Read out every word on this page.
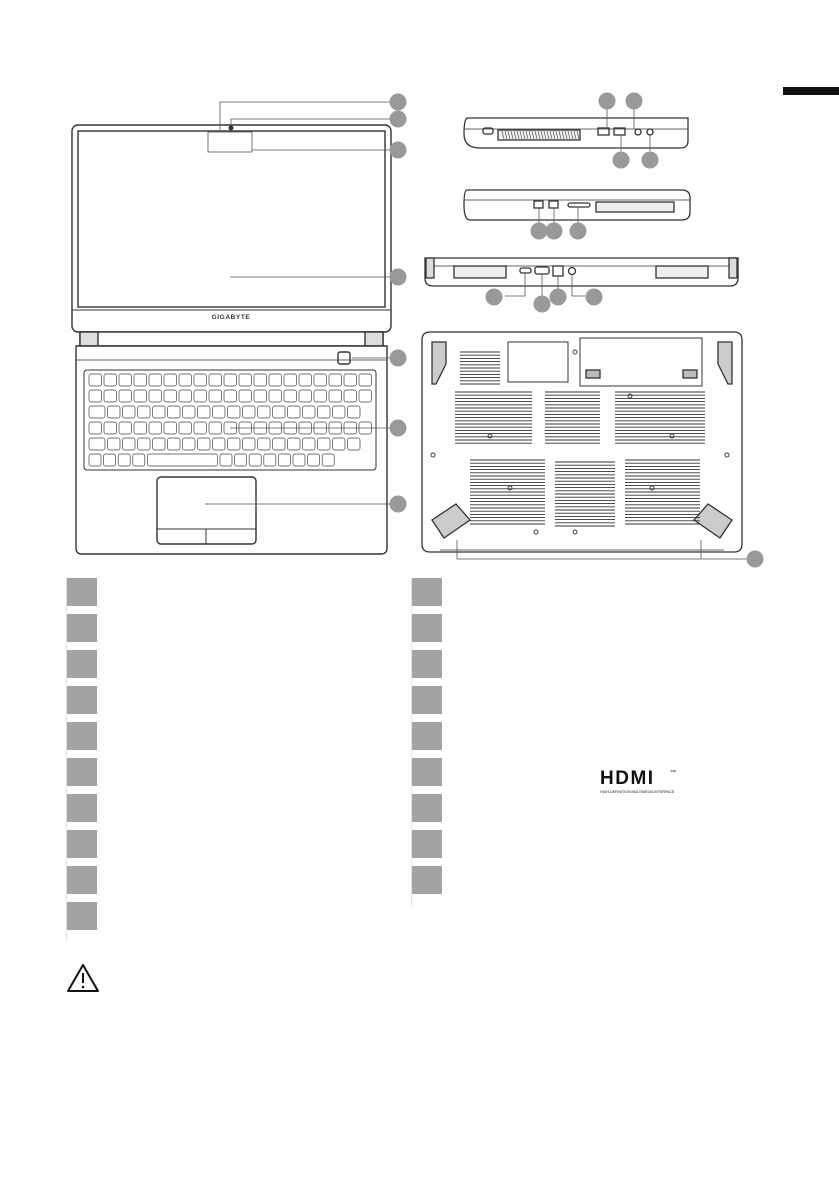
GIGABYTE
HDMI	™
HIGH-DEFINITION MULTIMEDIA INTERFACE
